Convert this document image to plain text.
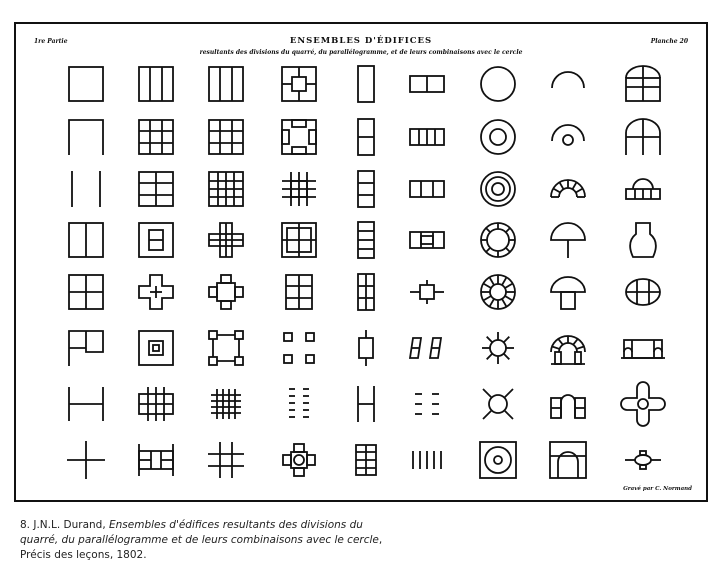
1re Partie	Planche 20
ENSEMBLES D'ÉDIFICES
resultants des divisions du quarré, du parallélogramme, et de leurs combinaisons avec le cercle
Gravé par C. Normand
8. J.N.L. Durand, Ensembles d'édifices resultants des divisions du quarré, du parallélogramme et de leurs combinaisons avec le cercle, Précis des leçons, 1802.
